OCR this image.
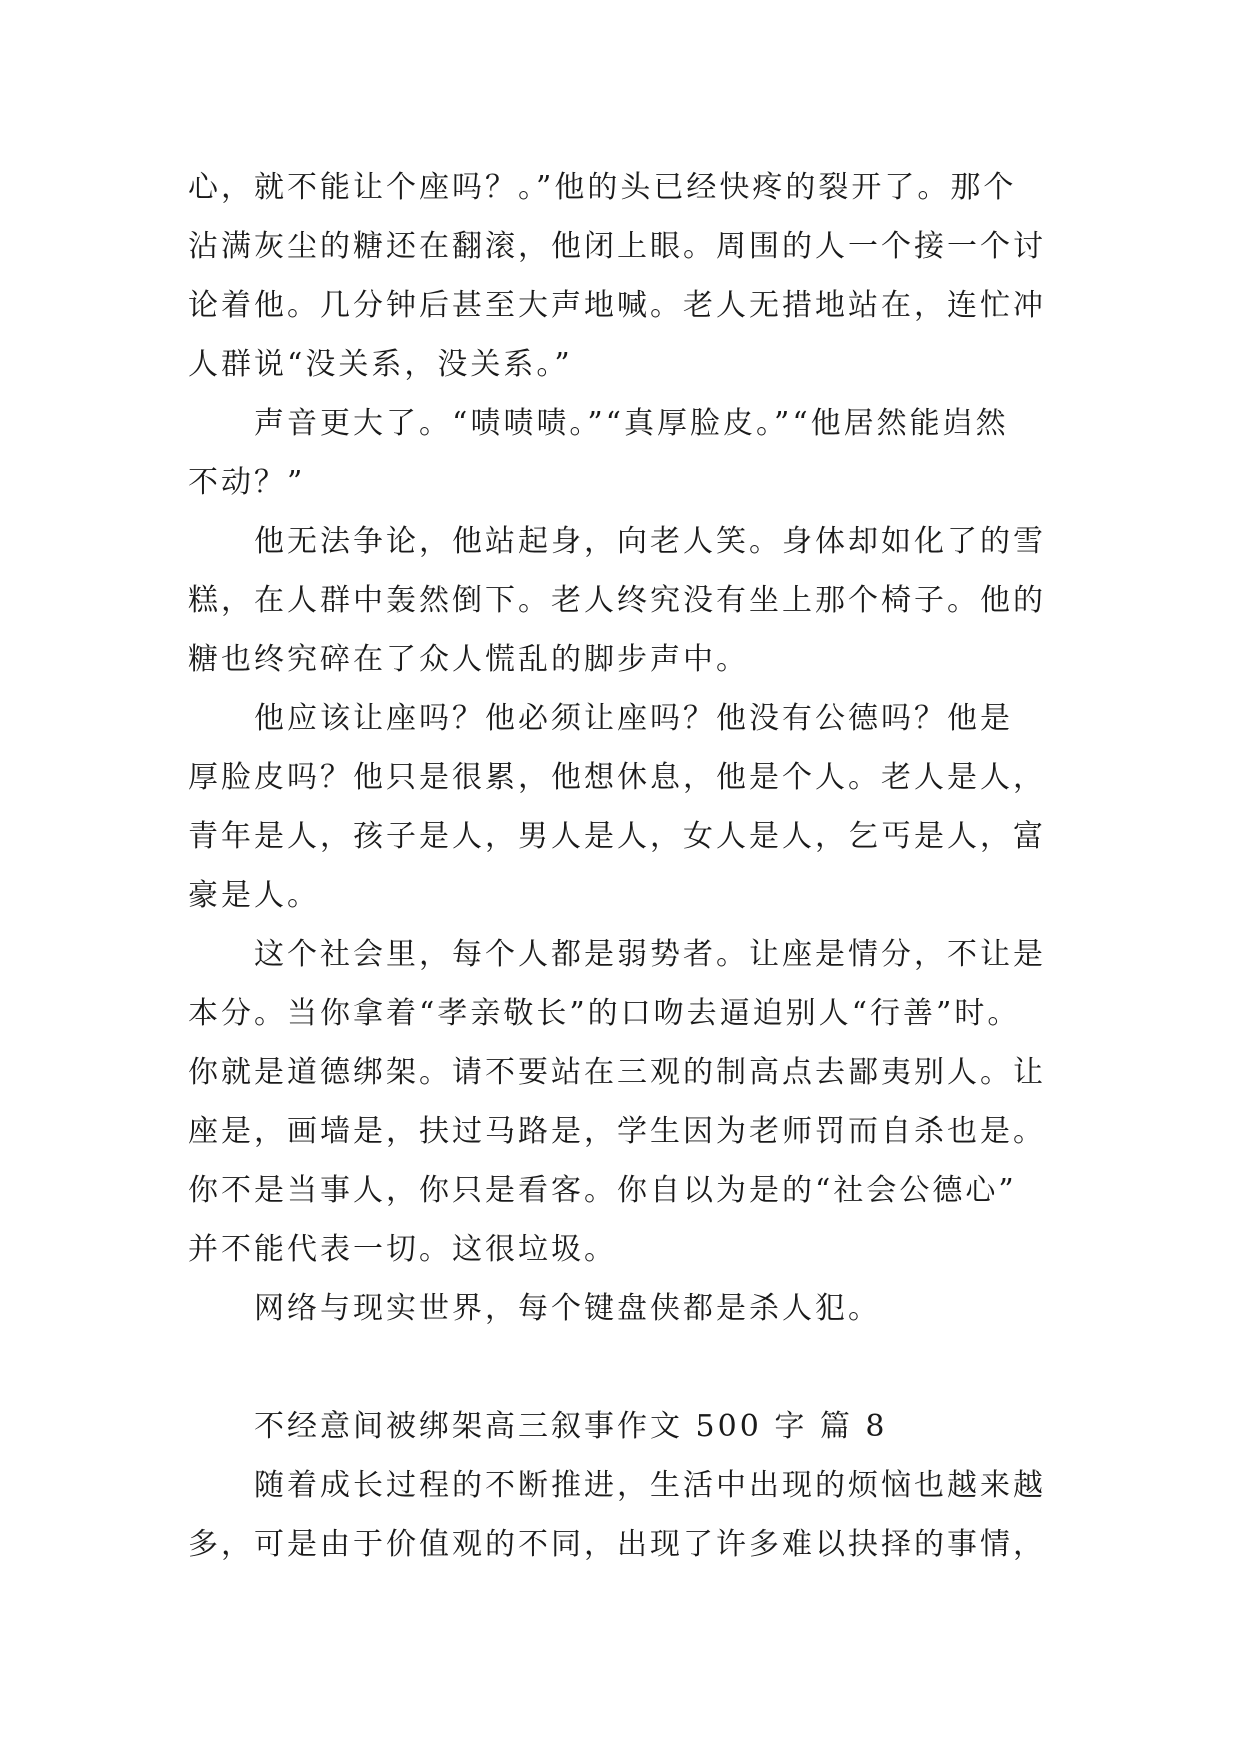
心，就不能让个座吗？。”他的头已经快疼的裂开了。那个
沾满灰尘的糖还在翻滚，他闭上眼。周围的人一个接一个讨
论着他。几分钟后甚至大声地喊。老人无措地站在，连忙冲
人群说“没关系，没关系。”

声音更大了。“啧啧啧。”“真厚脸皮。”“他居然能岿然
不动？”

他无法争论，他站起身，向老人笑。身体却如化了的雪
糕，在人群中轰然倒下。老人终究没有坐上那个椅子。他的
糖也终究碎在了众人慌乱的脚步声中。

他应该让座吗？他必须让座吗？他没有公德吗？他是
厚脸皮吗？他只是很累，他想休息，他是个人。老人是人，
青年是人，孩子是人，男人是人，女人是人，乞丐是人，富
豪是人。

这个社会里，每个人都是弱势者。让座是情分，不让是
本分。当你拿着“孝亲敬长”的口吻去逼迫别人“行善”时。
你就是道德绑架。请不要站在三观的制高点去鄙夷别人。让
座是，画墙是，扶过马路是，学生因为老师罚而自杀也是。
你不是当事人，你只是看客。你自以为是的“社会公德心”
并不能代表一切。这很垃圾。

网络与现实世界，每个键盘侠都是杀人犯。

不经意间被绑架高三叙事作文 500 字 篇 8

随着成长过程的不断推进，生活中出现的烦恼也越来越
多，可是由于价值观的不同，出现了许多难以抉择的事情，
